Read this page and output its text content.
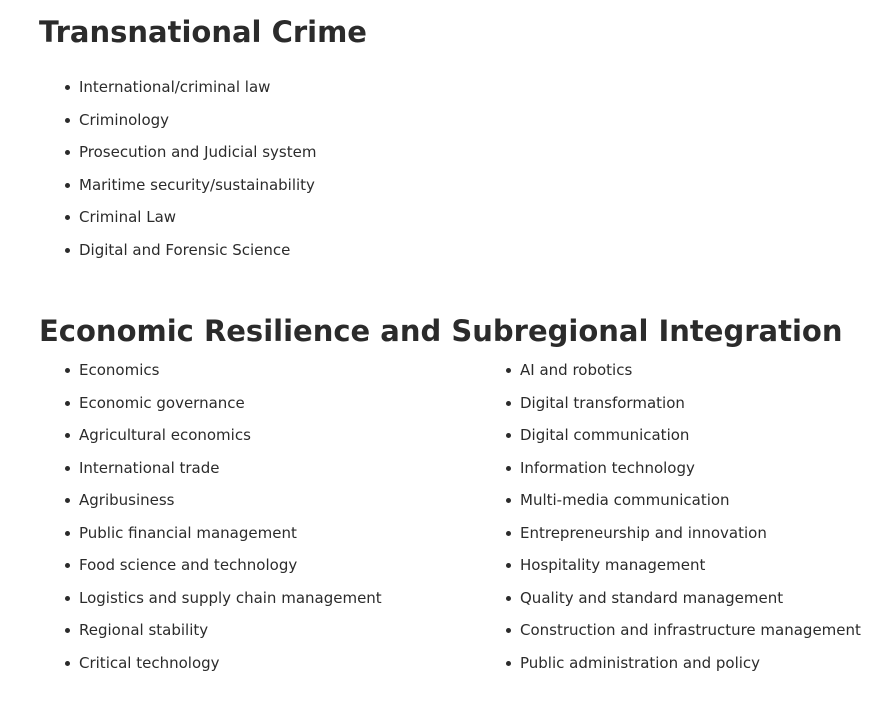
Transnational Crime
International/criminal law
Criminology
Prosecution and Judicial system
Maritime security/sustainability
Criminal Law
Digital and Forensic Science
Economic Resilience and Subregional Integration
Economics
Economic governance
Agricultural economics
International trade
Agribusiness
Public financial management
Food science and technology
Logistics and supply chain management
Regional stability
Critical technology
AI and robotics
Digital transformation
Digital communication
Information technology
Multi-media communication
Entrepreneurship and innovation
Hospitality management
Quality and standard management
Construction and infrastructure management
Public administration and policy
